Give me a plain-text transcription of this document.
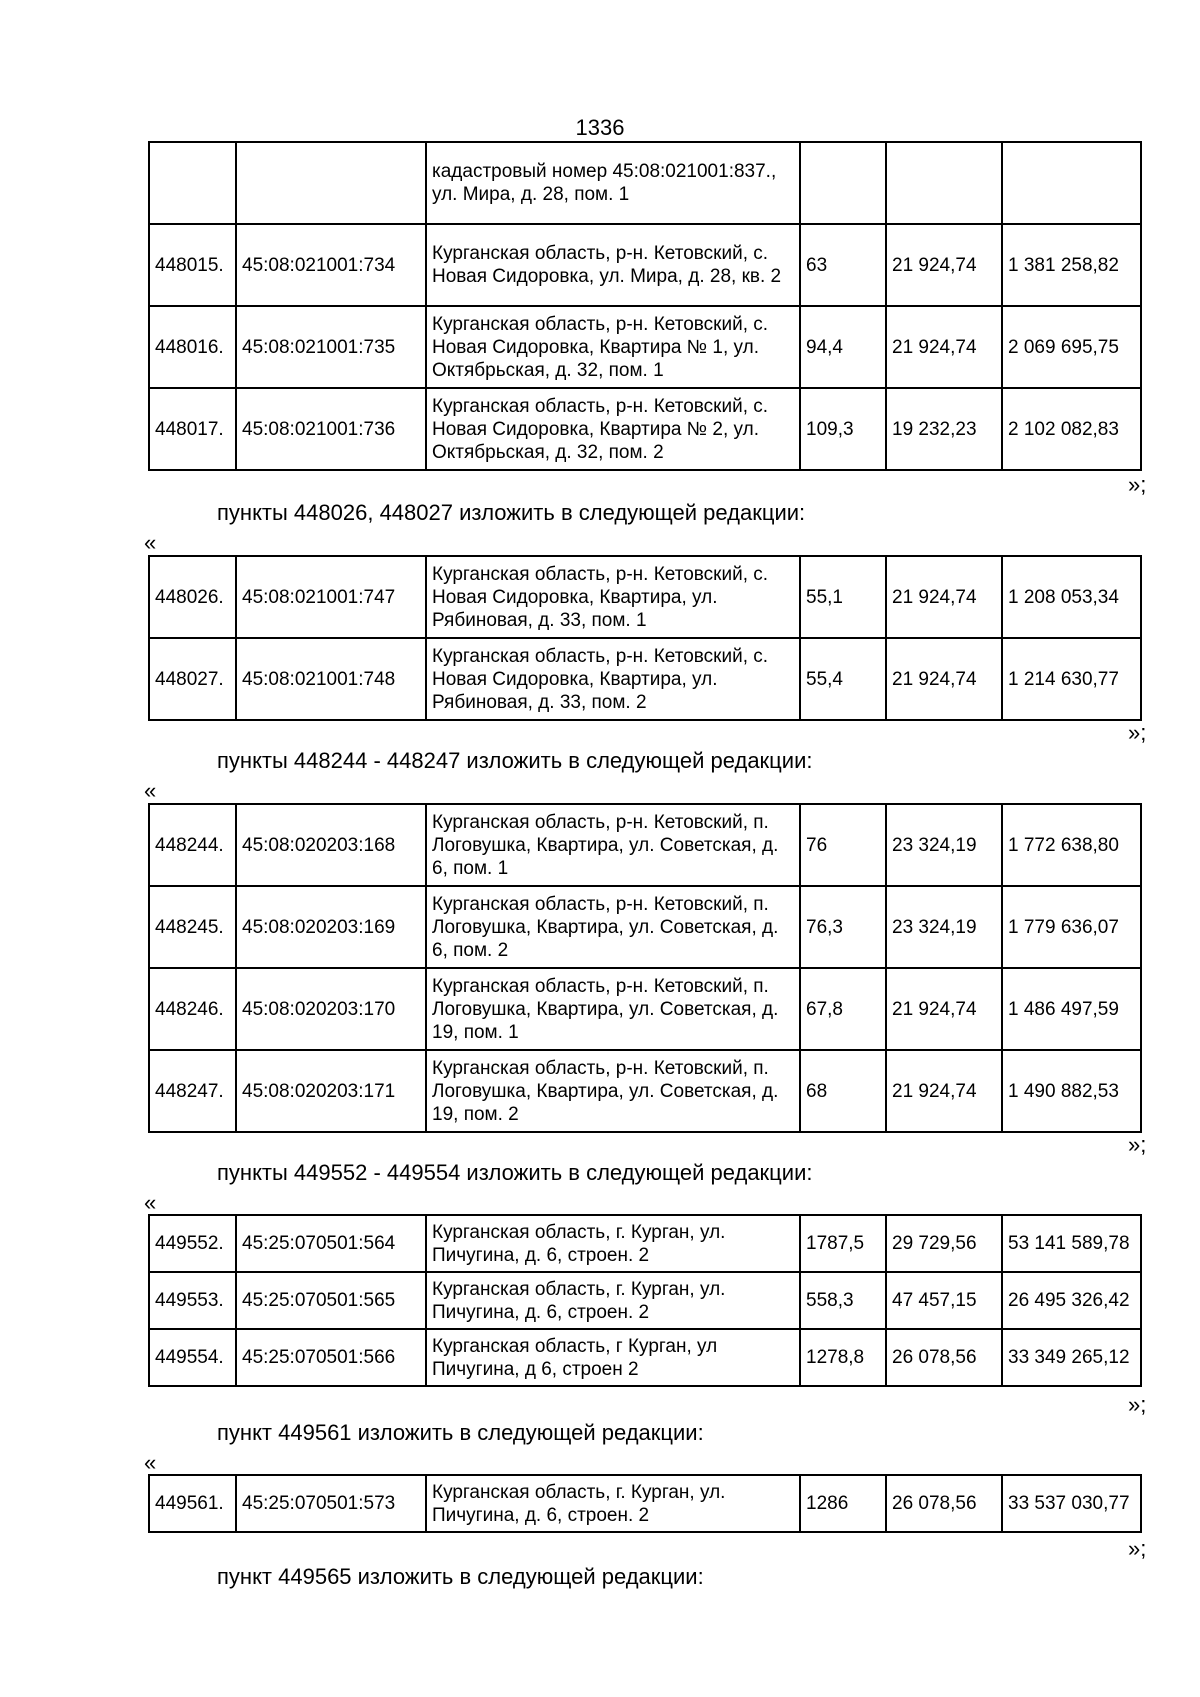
1336
		кадастровый номер 45:08:021001:837., ул. Мира, д. 28, пом. 1			
448015.	45:08:021001:734	Курганская область, р-н. Кетовский, с. Новая Сидоровка, ул. Мира, д. 28, кв. 2	63	21 924,74	1 381 258,82
448016.	45:08:021001:735	Курганская область, р-н. Кетовский, с. Новая Сидоровка, Квартира № 1, ул. Октябрьская, д. 32, пом. 1	94,4	21 924,74	2 069 695,75
448017.	45:08:021001:736	Курганская область, р-н. Кетовский, с. Новая Сидоровка, Квартира № 2, ул. Октябрьская, д. 32, пом. 2	109,3	19 232,23	2 102 082,83
»;
пункты 448026, 448027 изложить в следующей редакции:
«
448026.	45:08:021001:747	Курганская область, р-н. Кетовский, с. Новая Сидоровка, Квартира, ул. Рябиновая, д. 33, пом. 1	55,1	21 924,74	1 208 053,34
448027.	45:08:021001:748	Курганская область, р-н. Кетовский, с. Новая Сидоровка, Квартира, ул. Рябиновая, д. 33, пом. 2	55,4	21 924,74	1 214 630,77
»;
пункты 448244 - 448247 изложить в следующей редакции:
«
448244.	45:08:020203:168	Курганская область, р-н. Кетовский, п. Логовушка, Квартира, ул. Советская, д. 6, пом. 1	76	23 324,19	1 772 638,80
448245.	45:08:020203:169	Курганская область, р-н. Кетовский, п. Логовушка, Квартира, ул. Советская, д. 6, пом. 2	76,3	23 324,19	1 779 636,07
448246.	45:08:020203:170	Курганская область, р-н. Кетовский, п. Логовушка, Квартира, ул. Советская, д. 19, пом. 1	67,8	21 924,74	1 486 497,59
448247.	45:08:020203:171	Курганская область, р-н. Кетовский, п. Логовушка, Квартира, ул. Советская, д. 19, пом. 2	68	21 924,74	1 490 882,53
»;
пункты 449552 - 449554 изложить в следующей редакции:
«
449552.	45:25:070501:564	Курганская область, г. Курган, ул. Пичугина, д. 6, строен. 2	1787,5	29 729,56	53 141 589,78
449553.	45:25:070501:565	Курганская область, г. Курган, ул. Пичугина, д. 6, строен. 2	558,3	47 457,15	26 495 326,42
449554.	45:25:070501:566	Курганская область, г Курган, ул Пичугина, д 6, строен 2	1278,8	26 078,56	33 349 265,12
»;
пункт 449561 изложить в следующей редакции:
«
449561.	45:25:070501:573	Курганская область, г. Курган, ул. Пичугина, д. 6, строен. 2	1286	26 078,56	33 537 030,77
»;
пункт 449565 изложить в следующей редакции:
